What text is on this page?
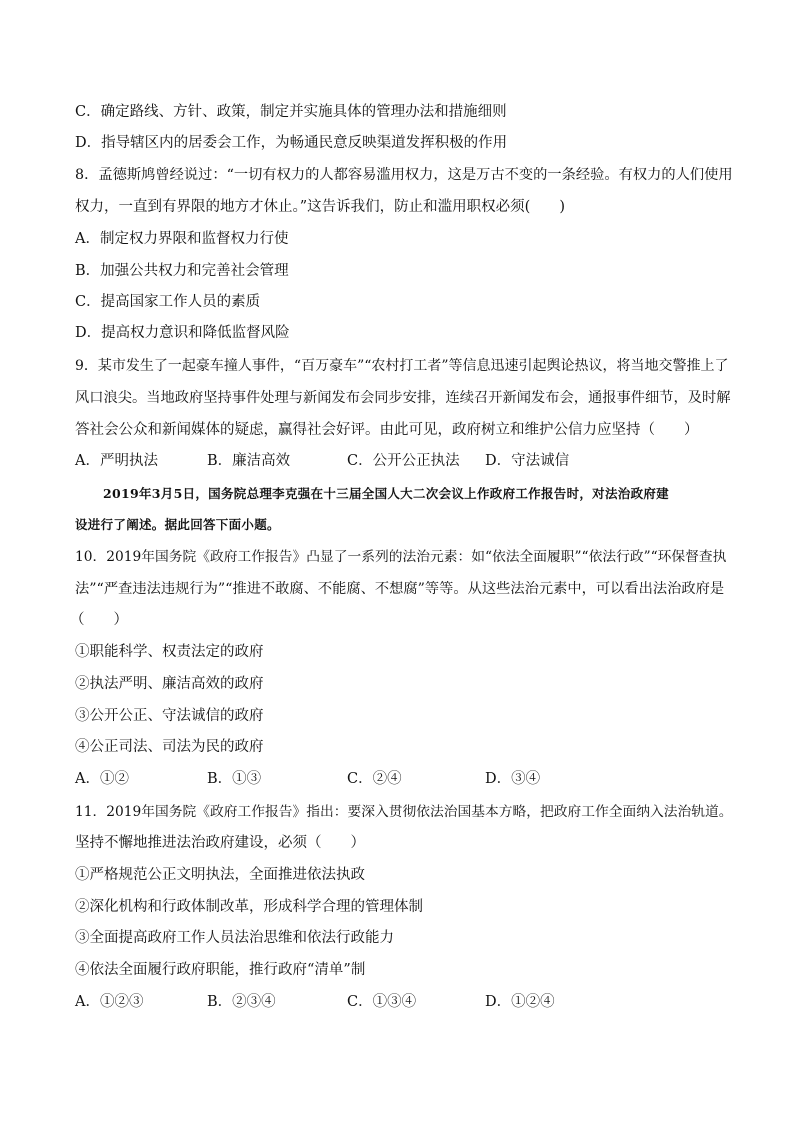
C．确定路线、方针、政策，制定并实施具体的管理办法和措施细则
D．指导辖区内的居委会工作，为畅通民意反映渠道发挥积极的作用
8．孟德斯鸠曾经说过：“一切有权力的人都容易滥用权力，这是万古不变的一条经验。有权力的人们使用
权力，一直到有界限的地方才休止。”这告诉我们，防止和滥用职权必须(　　)
A．制定权力界限和监督权力行使
B．加强公共权力和完善社会管理
C．提高国家工作人员的素质
D．提高权力意识和降低监督风险
9．某市发生了一起豪车撞人事件，“百万豪车”“农村打工者”等信息迅速引起舆论热议，将当地交警推上了
风口浪尖。当地政府坚持事件处理与新闻发布会同步安排，连续召开新闻发布会，通报事件细节，及时解
答社会公众和新闻媒体的疑虑，赢得社会好评。由此可见，政府树立和维护公信力应坚持（　　）
A．严明执法	B．廉洁高效	C．公开公正执法 D．守法诚信
2019年3月5日，国务院总理李克强在十三届全国人大二次会议上作政府工作报告时，对法治政府建
设进行了阐述。据此回答下面小题。
10．2019年国务院《政府工作报告》凸显了一系列的法治元素：如“依法全面履职”“依法行政”“环保督查执
法”“严查违法违规行为”“推进不敢腐、不能腐、不想腐”等等。从这些法治元素中，可以看出法治政府是
（　　）
①职能科学、权责法定的政府
②执法严明、廉洁高效的政府
③公开公正、守法诚信的政府
④公正司法、司法为民的政府
A．①②	B．①③	C．②④	D．③④
11．2019年国务院《政府工作报告》指出：要深入贯彻依法治国基本方略，把政府工作全面纳入法治轨道。
坚持不懈地推进法治政府建设，必须（　　）
①严格规范公正文明执法，全面推进依法执政
②深化机构和行政体制改革，形成科学合理的管理体制
③全面提高政府工作人员法治思维和依法行政能力
④依法全面履行政府职能，推行政府“清单”制
A．①②③	B．②③④	C．①③④	D．①②④
